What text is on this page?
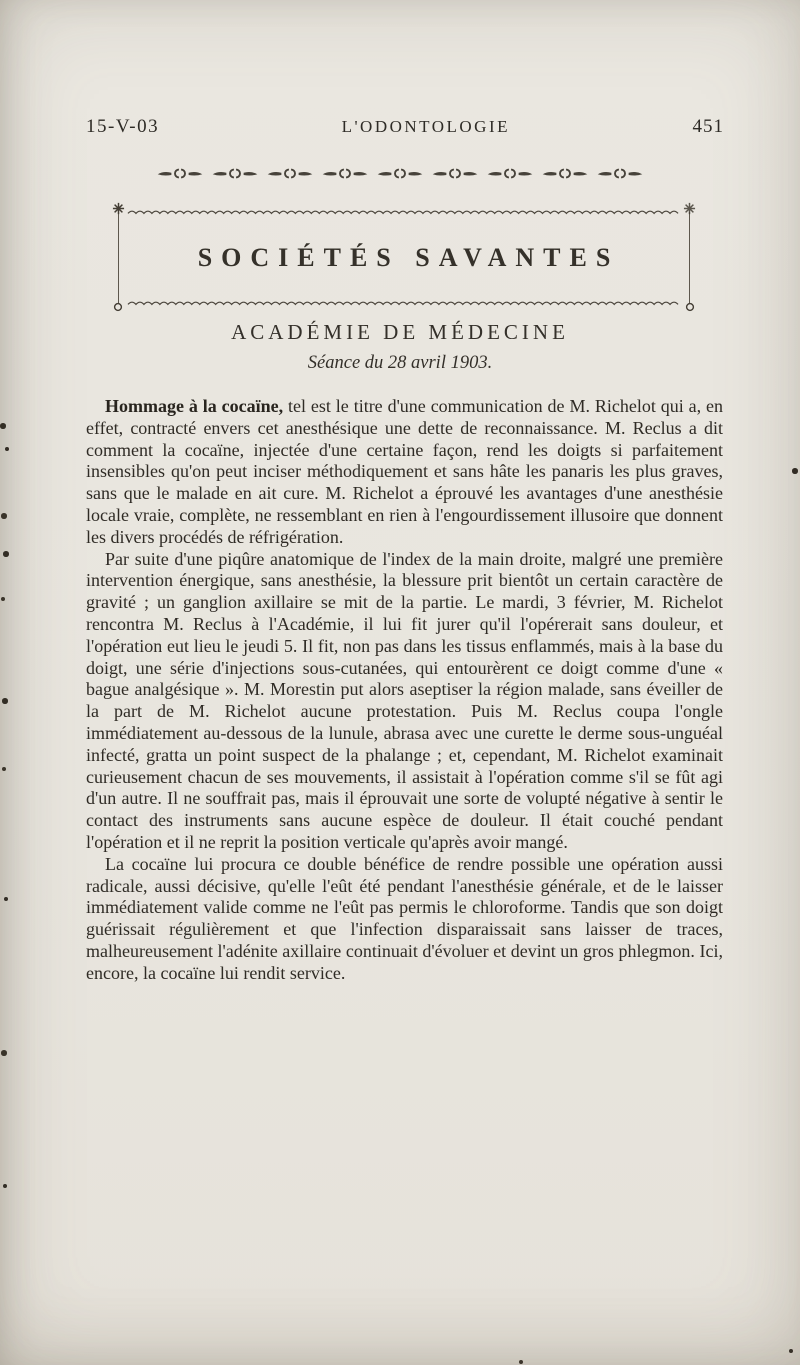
15-V-03	L'ODONTOLOGIE	451
SOCIÉTÉS SAVANTES
ACADÉMIE DE MÉDECINE
Séance du 28 avril 1903.

Hommage à la cocaïne, tel est le titre d'une communication de M. Richelot qui a, en effet, contracté envers cet anesthésique une dette de reconnaissance. M. Reclus a dit comment la cocaïne, injectée d'une certaine façon, rend les doigts si parfaitement insensibles qu'on peut inciser méthodiquement et sans hâte les panaris les plus graves, sans que le malade en ait cure. M. Richelot a éprouvé les avantages d'une anesthésie locale vraie, complète, ne ressemblant en rien à l'engourdissement illusoire que donnent les divers procédés de réfrigération.

Par suite d'une piqûre anatomique de l'index de la main droite, malgré une première intervention énergique, sans anesthésie, la blessure prit bientôt un certain caractère de gravité ; un ganglion axillaire se mit de la partie. Le mardi, 3 février, M. Richelot rencontra M. Reclus à l'Académie, il lui fit jurer qu'il l'opérerait sans douleur, et l'opération eut lieu le jeudi 5. Il fit, non pas dans les tissus enflammés, mais à la base du doigt, une série d'injections sous-cutanées, qui entourèrent ce doigt comme d'une « bague analgésique ». M. Morestin put alors aseptiser la région malade, sans éveiller de la part de M. Richelot aucune protestation. Puis M. Reclus coupa l'ongle immédiatement au-dessous de la lunule, abrasa avec une curette le derme sous-unguéal infecté, gratta un point suspect de la phalange ; et, cependant, M. Richelot examinait curieusement chacun de ses mouvements, il assistait à l'opération comme s'il se fût agi d'un autre. Il ne souffrait pas, mais il éprouvait une sorte de volupté négative à sentir le contact des instruments sans aucune espèce de douleur. Il était couché pendant l'opération et il ne reprit la position verticale qu'après avoir mangé.

La cocaïne lui procura ce double bénéfice de rendre possible une opération aussi radicale, aussi décisive, qu'elle l'eût été pendant l'anesthésie générale, et de le laisser immédiatement valide comme ne l'eût pas permis le chloroforme. Tandis que son doigt guérissait régulièrement et que l'infection disparaissait sans laisser de traces, malheureusement l'adénite axillaire continuait d'évoluer et devint un gros phlegmon. Ici, encore, la cocaïne lui rendit service.
